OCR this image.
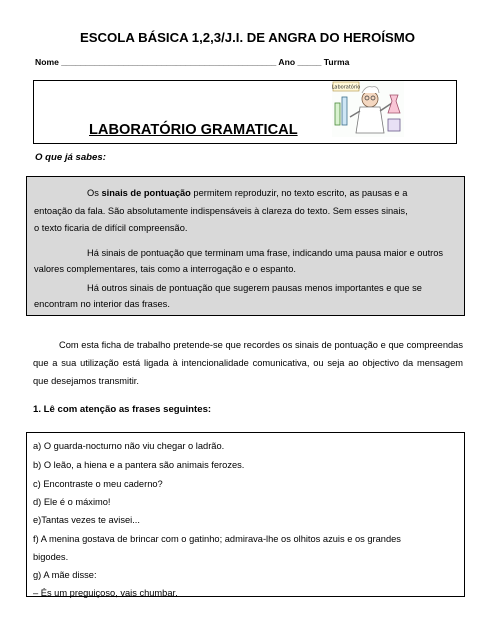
ESCOLA BÁSICA 1,2,3/J.I. DE ANGRA DO HEROÍSMO
Nome _____________________________________________ Ano _____ Turma
LABORATÓRIO GRAMATICAL
Laboratório
O que já sabes:
Os sinais de pontuação permitem reproduzir, no texto escrito, as pausas e a
entoação da fala. São absolutamente indispensáveis à clareza do texto. Sem esses sinais,
o texto ficaria de difícil compreensão.
Há sinais de pontuação que terminam uma frase, indicando uma pausa maior e outros
valores complementares, tais como a interrogação e o espanto.
Há outros sinais de pontuação que sugerem pausas menos importantes e que se
encontram no interior das frases.
Com esta ficha de trabalho pretende-se que recordes os sinais de pontuação e que compreendas que a sua utilização está ligada à intencionalidade comunicativa, ou seja ao objectivo da mensagem que desejamos transmitir.
1. Lê com atenção as frases seguintes:
a) O guarda-nocturno não viu chegar o ladrão.
b) O leão, a hiena e a pantera são animais ferozes.
c) Encontraste o meu caderno?
d) Ele é o máximo!
e)Tantas vezes te avisei...
f) A menina gostava de brincar com o gatinho; admirava-lhe os olhitos azuis e os grandes
bigodes.
g) A mãe disse:
– És um preguiçoso, vais chumbar.
